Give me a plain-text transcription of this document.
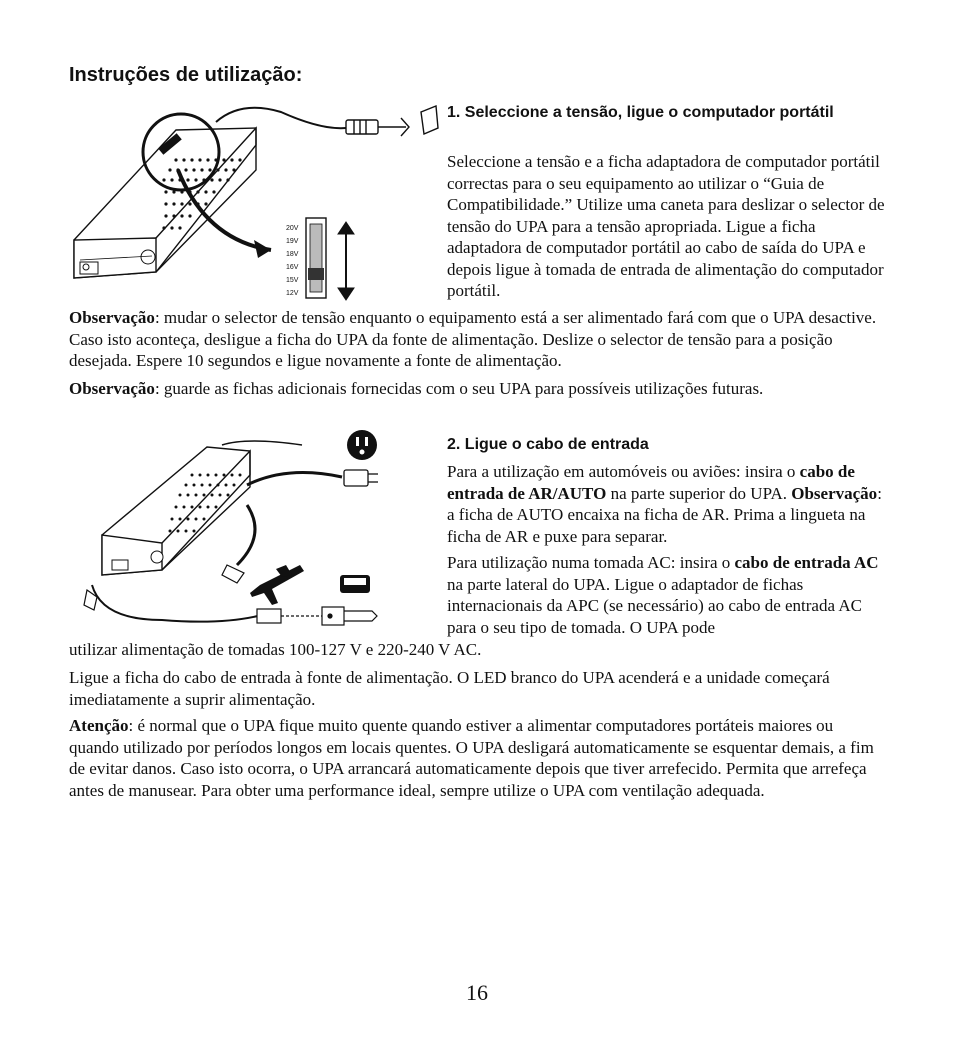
Instruções de utilização:
20V
19V
18V
16V
15V
12V
1. Seleccione a tensão, ligue o computador portátil

Seleccione a tensão e a ficha adaptadora de computador portátil correctas para o seu equipamento ao utilizar o “Guia de Compatibilidade.” Utilize uma caneta para deslizar o selector de tensão do UPA para a tensão apropriada. Ligue a ficha adaptadora de computador portátil ao cabo de saída do UPA e depois ligue à tomada de entrada de alimentação do computador portátil.

Observação: mudar o selector de tensão enquanto o equipamento está a ser alimentado fará com que o UPA desactive. Caso isto aconteça, desligue a ficha do UPA da fonte de alimentação. Deslize o selector de tensão para a posição desejada. Espere 10 segundos e ligue novamente a fonte de alimentação.

Observação: guarde as fichas adicionais fornecidas com o seu UPA para possíveis utilizações futuras.

2. Ligue o cabo de entrada

Para a utilização em automóveis ou aviões: insira o cabo de entrada de AR/AUTO na parte superior do UPA. Observação: a ficha de AUTO encaixa na ficha de AR. Prima a lingueta na ficha de AR e puxe para separar.

Para utilização numa tomada AC: insira o cabo de entrada AC na parte lateral do UPA. Ligue o adaptador de fichas internacionais da APC (se necessário) ao cabo de entrada AC para o seu tipo de tomada. O UPA pode

utilizar alimentação de tomadas 100-127 V e 220-240 V AC.

Ligue a ficha do cabo de entrada à fonte de alimentação. O LED branco do UPA acenderá e a unidade começará imediatamente a suprir alimentação.

Atenção: é normal que o UPA fique muito quente quando estiver a alimentar computadores portáteis maiores ou quando utilizado por períodos longos em locais quentes. O UPA desligará automaticamente se esquentar demais, a fim de evitar danos. Caso isto ocorra, o UPA arrancará automaticamente depois que tiver arrefecido. Permita que arrefeça antes de manusear. Para obter uma performance ideal, sempre utilize o UPA com ventilação adequada.

16
